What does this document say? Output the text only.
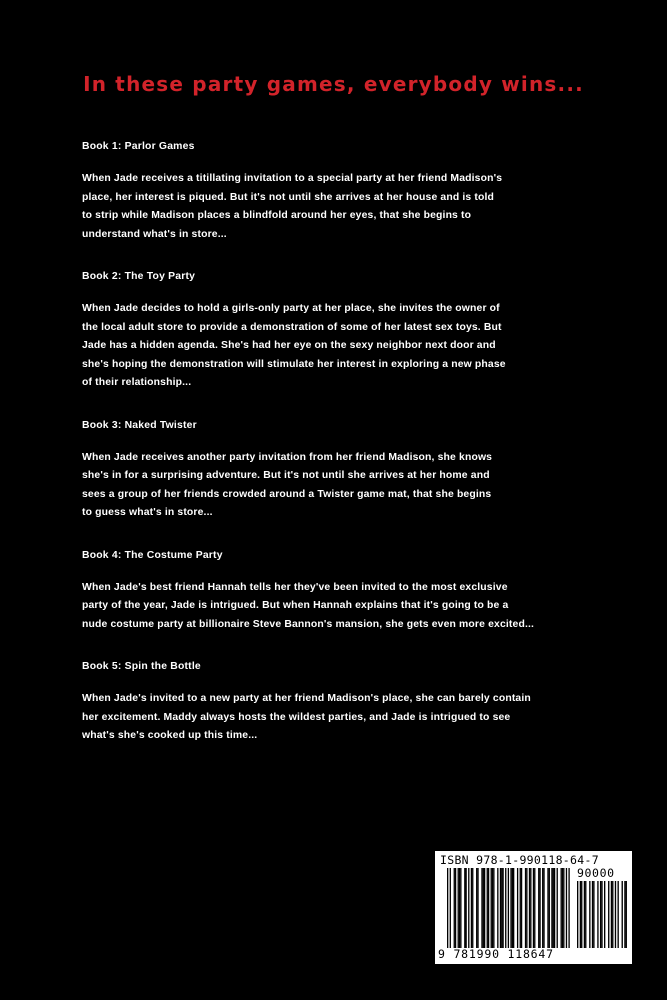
In these party games, everybody wins...

Book 1: Parlor Games

When Jade receives a titillating invitation to a special party at her friend Madison's
place, her interest is piqued. But it's not until she arrives at her house and is told
to strip while Madison places a blindfold around her eyes, that she begins to
understand what's in store...

Book 2: The Toy Party

When Jade decides to hold a girls-only party at her place, she invites the owner of
the local adult store to provide a demonstration of some of her latest sex toys. But
Jade has a hidden agenda. She's had her eye on the sexy neighbor next door and
she's hoping the demonstration will stimulate her interest in exploring a new phase
of their relationship...

Book 3: Naked Twister

When Jade receives another party invitation from her friend Madison, she knows
she's in for a surprising adventure. But it's not until she arrives at her home and
sees a group of her friends crowded around a Twister game mat, that she begins
to guess what's in store...

Book 4: The Costume Party

When Jade's best friend Hannah tells her they've been invited to the most exclusive
party of the year, Jade is intrigued. But when Hannah explains that it's going to be a
nude costume party at billionaire Steve Bannon's mansion, she gets even more excited...

Book 5: Spin the Bottle

When Jade's invited to a new party at her friend Madison's place, she can barely contain
her excitement. Maddy always hosts the wildest parties, and Jade is intrigued to see
what's she's cooked up this time...

ISBN 978-1-990118-64-7
90000
9 781990 118647
